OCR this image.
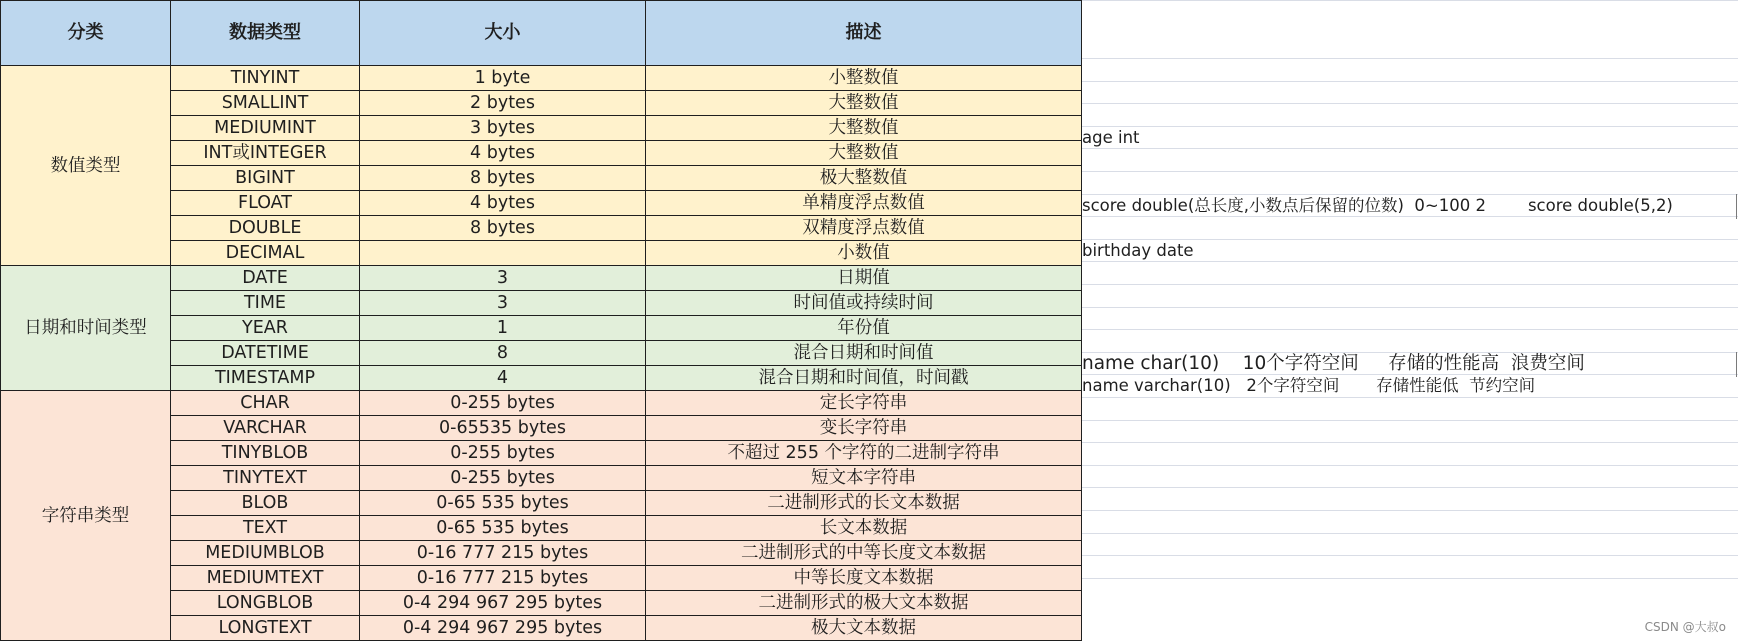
分类	数据类型	大小	描述
数值类型	TINYINT	1 byte	小整数值
	SMALLINT	2 bytes	大整数值
	MEDIUMINT	3 bytes	大整数值
	INT或INTEGER	4 bytes	大整数值
	BIGINT	8 bytes	极大整数值
	FLOAT	4 bytes	单精度浮点数值
	DOUBLE	8 bytes	双精度浮点数值
	DECIMAL		小数值
日期和时间类型	DATE	3	日期值
	TIME	3	时间值或持续时间
	YEAR	1	年份值
	DATETIME	8	混合日期和时间值
	TIMESTAMP	4	混合日期和时间值，时间戳
字符串类型	CHAR	0-255 bytes	定长字符串
	VARCHAR	0-65535 bytes	变长字符串
	TINYBLOB	0-255 bytes	不超过 255 个字符的二进制字符串
	TINYTEXT	0-255 bytes	短文本字符串
	BLOB	0-65 535 bytes	二进制形式的长文本数据
	TEXT	0-65 535 bytes	长文本数据
	MEDIUMBLOB	0-16 777 215 bytes	二进制形式的中等长度文本数据
	MEDIUMTEXT	0-16 777 215 bytes	中等长度文本数据
	LONGBLOB	0-4 294 967 295 bytes	二进制形式的极大文本数据
	LONGTEXT	0-4 294 967 295 bytes	极大文本数据
age int
score double(总长度,小数点后保留的位数)  0~100 2        score double(5,2)
birthday date
name char(10)    10个字符空间     存储的性能高  浪费空间
name varchar(10)   2个字符空间       存储性能低  节约空间
CSDN @大叔o
